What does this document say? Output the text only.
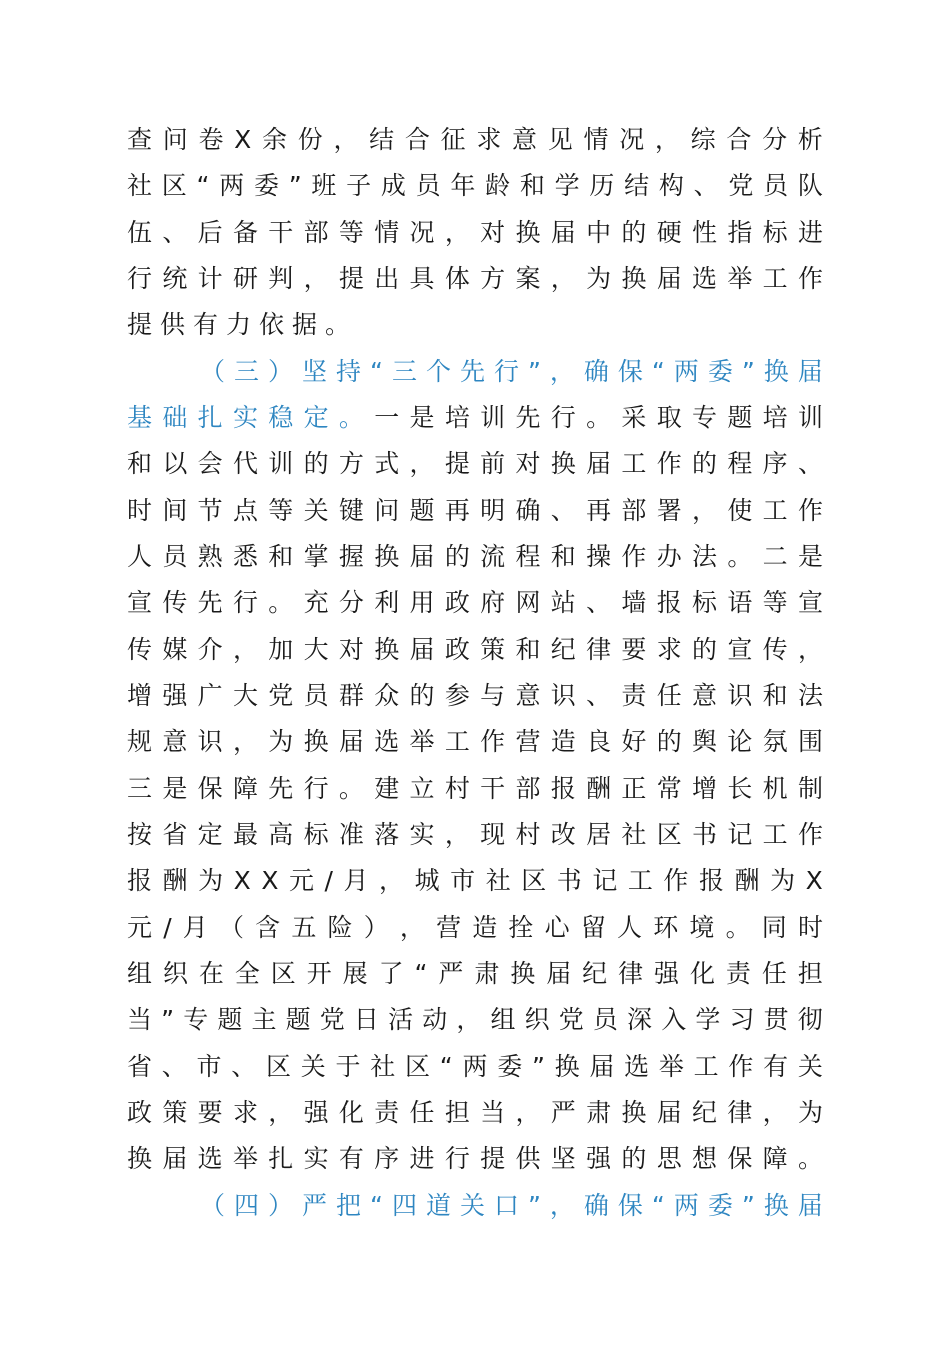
查 问 卷 X 余 份 ， 结 合 征 求 意 见 情 况 ， 综 合 分 析
社 区 “ 两 委 ” 班 子 成 员 年 龄 和 学 历 结 构 、 党 员 队
伍 、 后 备 干 部 等 情 况 ， 对 换 届 中 的 硬 性 指 标 进
行 统 计 研 判 ， 提 出 具 体 方 案 ， 为 换 届 选 举 工 作
提供有力依据。
（ 三 ） 坚 持 “ 三 个 先 行 ” ， 确 保 “ 两 委 ” 换 届
基 础 扎 实 稳 定 。 一 是 培 训 先 行 。 采 取 专 题 培 训
和 以 会 代 训 的 方 式 ， 提 前 对 换 届 工 作 的 程 序 、
时 间 节 点 等 关 键 问 题 再 明 确 、 再 部 署 ， 使 工 作
人 员 熟 悉 和 掌 握 换 届 的 流 程 和 操 作 办 法 。 二 是
宣 传 先 行 。 充 分 利 用 政 府 网 站 、 墙 报 标 语 等 宣
传 媒 介 ， 加 大 对 换 届 政 策 和 纪 律 要 求 的 宣 传 ，
增 强 广 大 党 员 群 众 的 参 与 意 识 、 责 任 意 识 和 法
规 意 识 ， 为 换 届 选 举 工 作 营 造 良 好 的 舆 论 氛 围
三 是 保 障 先 行 。 建 立 村 干 部 报 酬 正 常 增 长 机 制
按 省 定 最 高 标 准 落 实 ， 现 村 改 居 社 区 书 记 工 作
报 酬 为 X X 元 / 月 ， 城 市 社 区 书 记 工 作 报 酬 为 X
元 / 月 （ 含 五 险 ） ， 营 造 拴 心 留 人 环 境 。 同 时
组 织 在 全 区 开 展 了 “ 严 肃 换 届 纪 律 强 化 责 任 担
当 ” 专 题 主 题 党 日 活 动 ， 组 织 党 员 深 入 学 习 贯 彻
省 、 市 、 区 关 于 社 区 “ 两 委 ” 换 届 选 举 工 作 有 关
政 策 要 求 ， 强 化 责 任 担 当 ， 严 肃 换 届 纪 律 ， 为
换 届 选 举 扎 实 有 序 进 行 提 供 坚 强 的 思 想 保 障 。
（ 四 ） 严 把 “ 四 道 关 口 ” ， 确 保 “ 两 委 ” 换 届
